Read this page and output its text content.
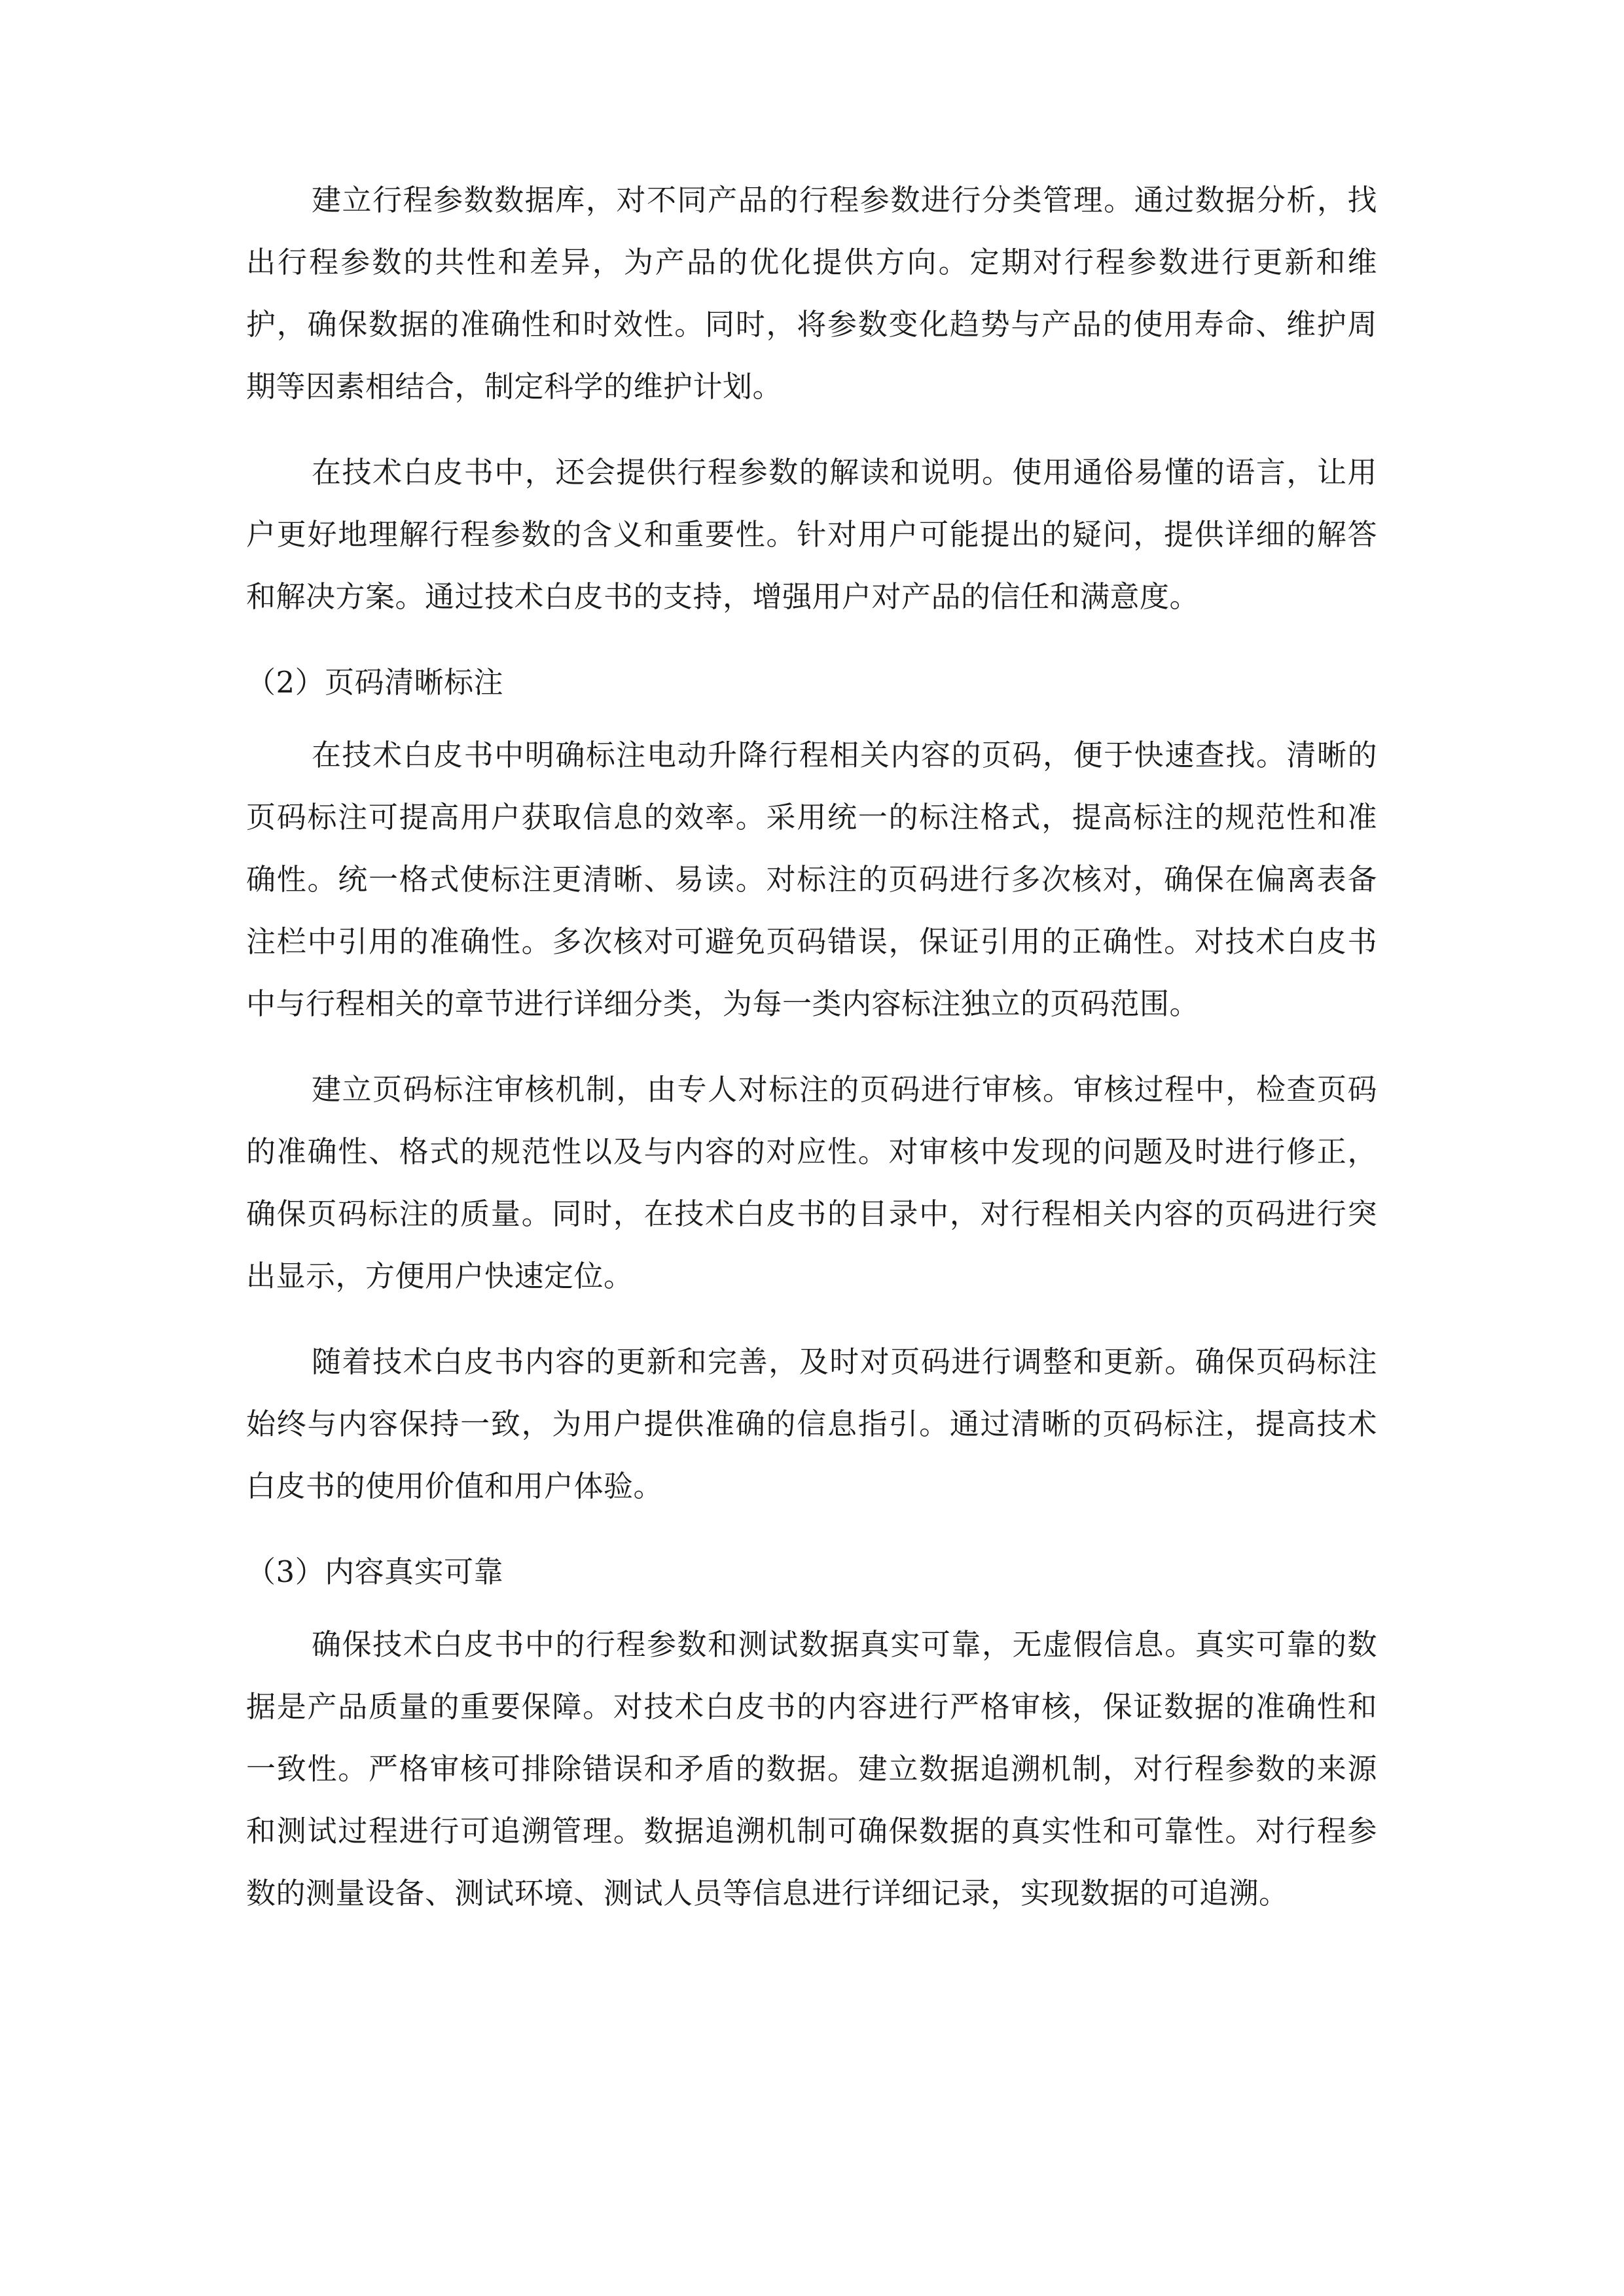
建立行程参数数据库，对不同产品的行程参数进行分类管理。通过数据分析，找出行程参数的共性和差异，为产品的优化提供方向。定期对行程参数进行更新和维护，确保数据的准确性和时效性。同时，将参数变化趋势与产品的使用寿命、维护周期等因素相结合，制定科学的维护计划。

在技术白皮书中，还会提供行程参数的解读和说明。使用通俗易懂的语言，让用户更好地理解行程参数的含义和重要性。针对用户可能提出的疑问，提供详细的解答和解决方案。通过技术白皮书的支持，增强用户对产品的信任和满意度。

（2）页码清晰标注

在技术白皮书中明确标注电动升降行程相关内容的页码，便于快速查找。清晰的页码标注可提高用户获取信息的效率。采用统一的标注格式，提高标注的规范性和准确性。统一格式使标注更清晰、易读。对标注的页码进行多次核对，确保在偏离表备注栏中引用的准确性。多次核对可避免页码错误，保证引用的正确性。对技术白皮书中与行程相关的章节进行详细分类，为每一类内容标注独立的页码范围。

建立页码标注审核机制，由专人对标注的页码进行审核。审核过程中，检查页码的准确性、格式的规范性以及与内容的对应性。对审核中发现的问题及时进行修正，确保页码标注的质量。同时，在技术白皮书的目录中，对行程相关内容的页码进行突出显示，方便用户快速定位。

随着技术白皮书内容的更新和完善，及时对页码进行调整和更新。确保页码标注始终与内容保持一致，为用户提供准确的信息指引。通过清晰的页码标注，提高技术白皮书的使用价值和用户体验。

（3）内容真实可靠

确保技术白皮书中的行程参数和测试数据真实可靠，无虚假信息。真实可靠的数据是产品质量的重要保障。对技术白皮书的内容进行严格审核，保证数据的准确性和一致性。严格审核可排除错误和矛盾的数据。建立数据追溯机制，对行程参数的来源和测试过程进行可追溯管理。数据追溯机制可确保数据的真实性和可靠性。对行程参数的测量设备、测试环境、测试人员等信息进行详细记录，实现数据的可追溯。
